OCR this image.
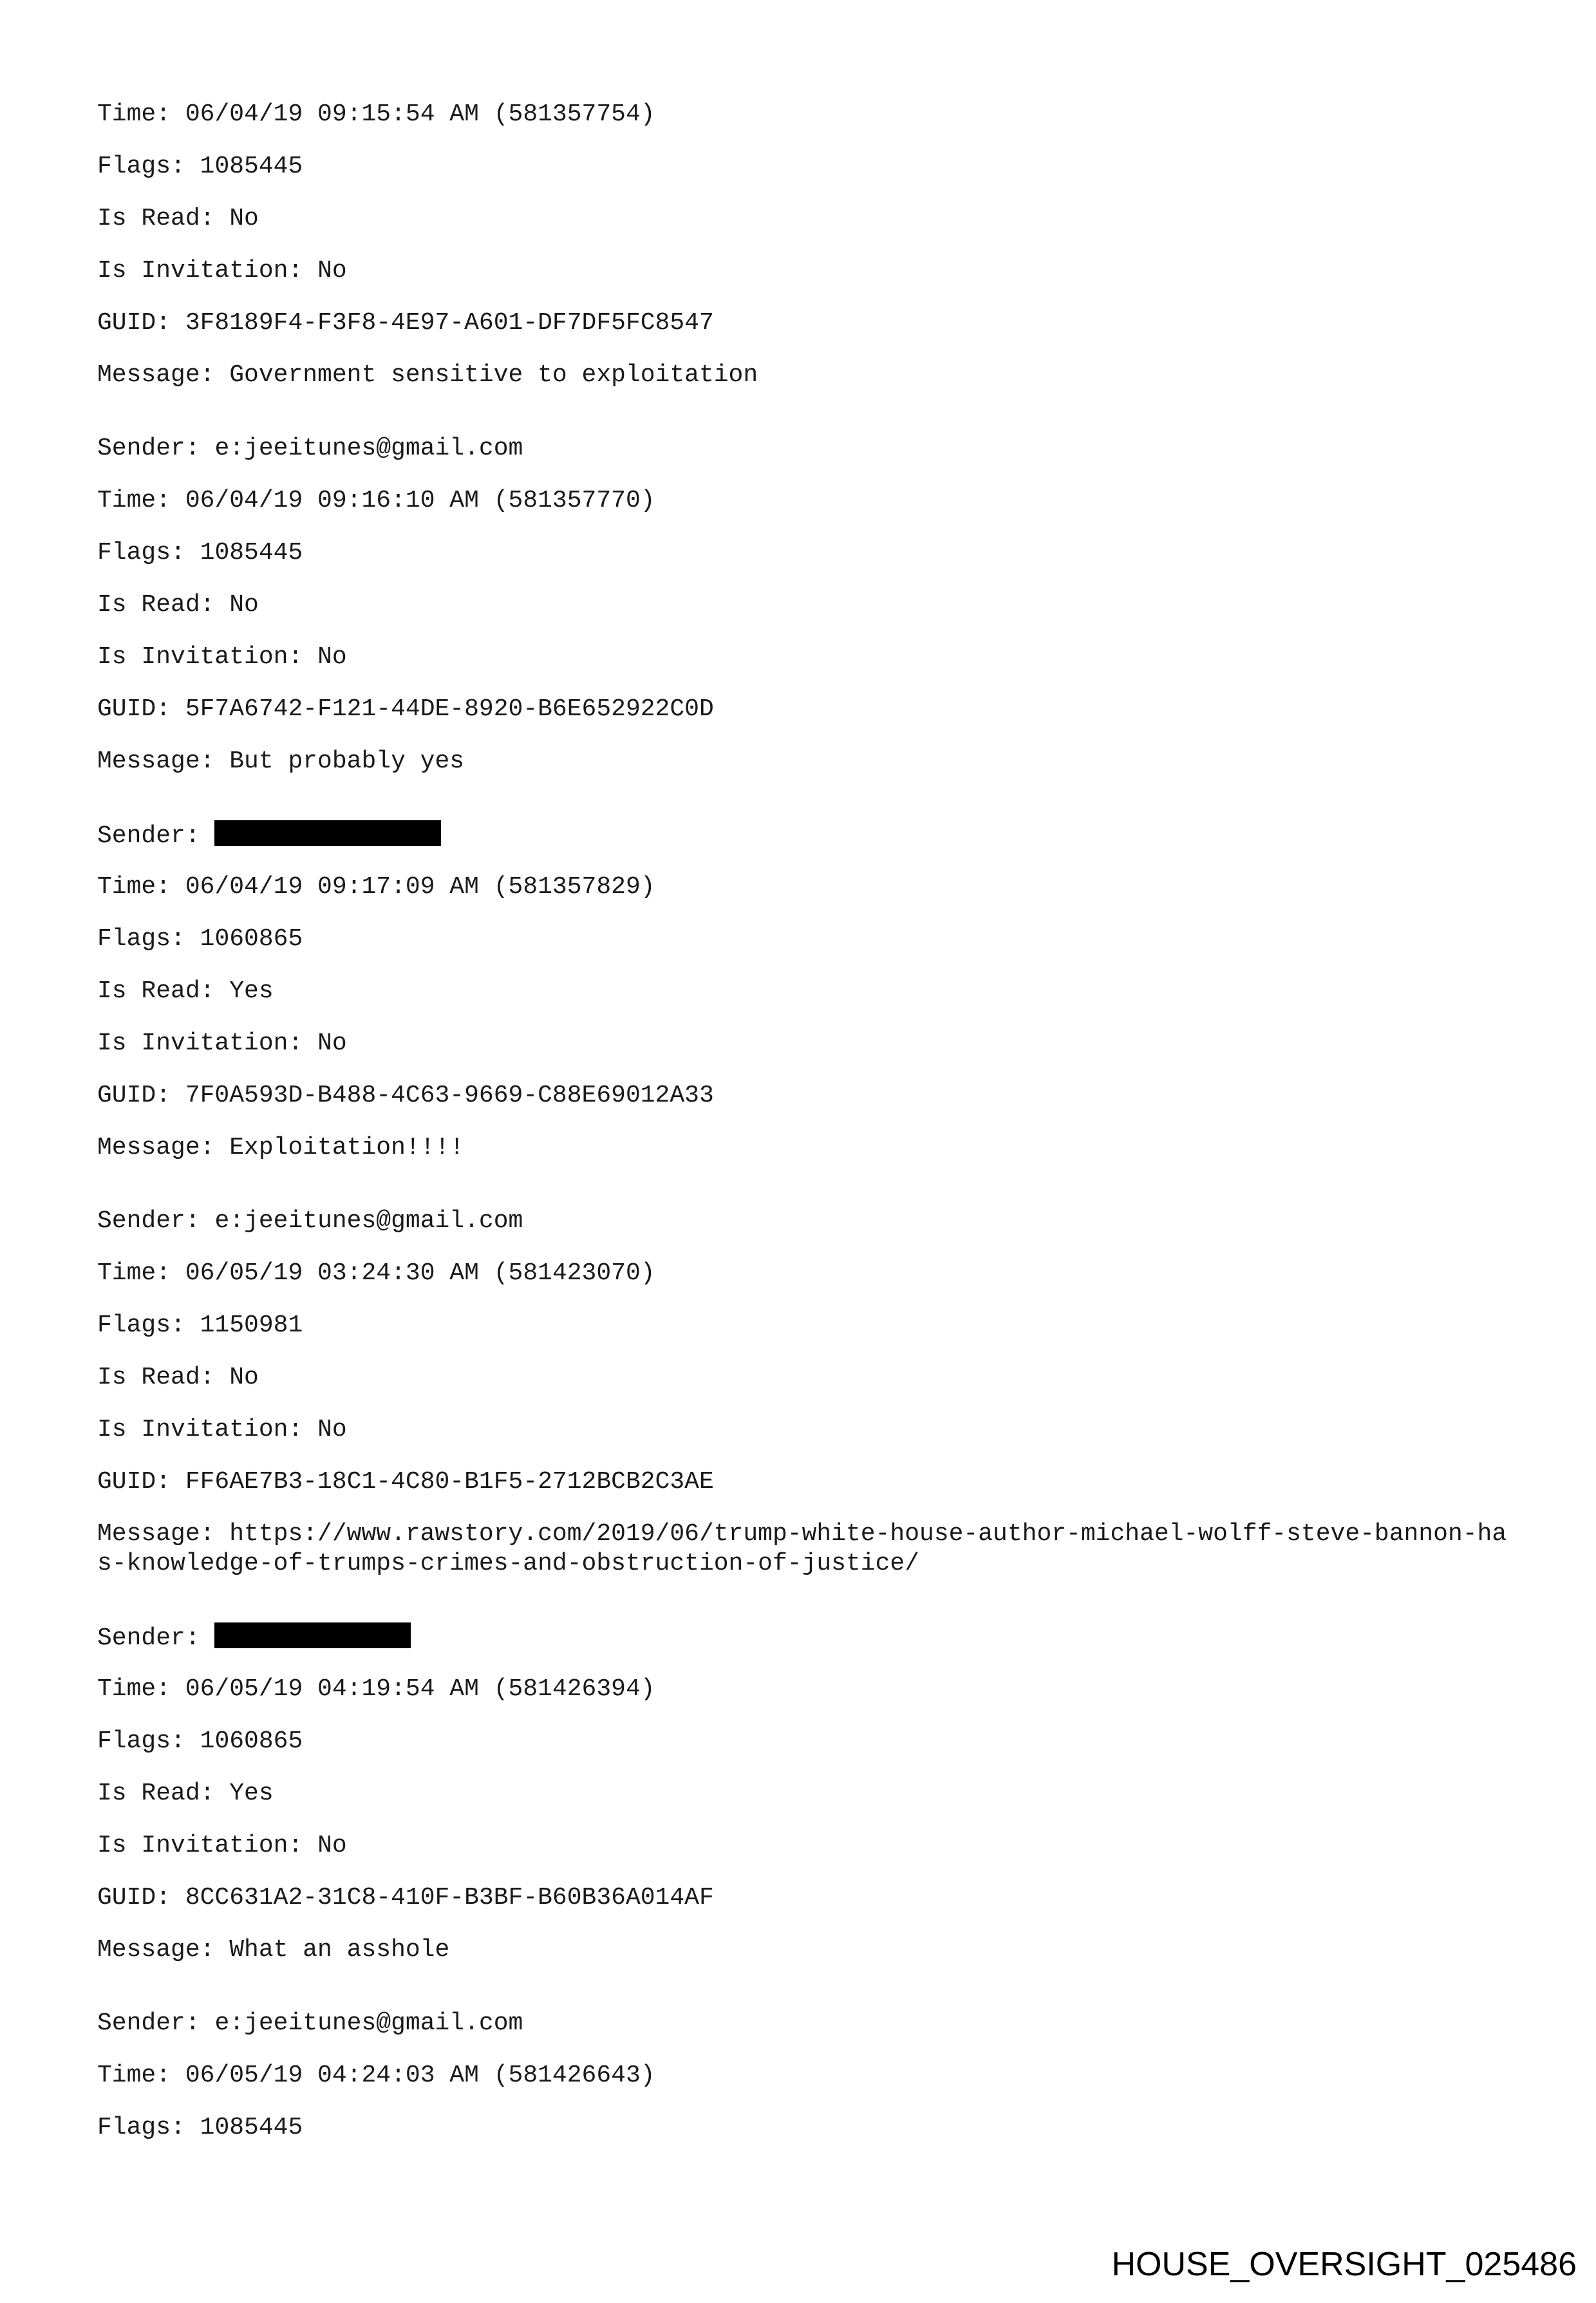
Time: 06/04/19 09:15:54 AM (581357754)
Flags: 1085445
Is Read: No
Is Invitation: No
GUID: 3F8189F4-F3F8-4E97-A601-DF7DF5FC8547
Message: Government sensitive to exploitation
Sender: e:jeeitunes@gmail.com
Time: 06/04/19 09:16:10 AM (581357770)
Flags: 1085445
Is Read: No
Is Invitation: No
GUID: 5F7A6742-F121-44DE-8920-B6E652922C0D
Message: But probably yes
Sender:
Time: 06/04/19 09:17:09 AM (581357829)
Flags: 1060865
Is Read: Yes
Is Invitation: No
GUID: 7F0A593D-B488-4C63-9669-C88E69012A33
Message: Exploitation!!!!
Sender: e:jeeitunes@gmail.com
Time: 06/05/19 03:24:30 AM (581423070)
Flags: 1150981
Is Read: No
Is Invitation: No
GUID: FF6AE7B3-18C1-4C80-B1F5-2712BCB2C3AE
Message: https://www.rawstory.com/2019/06/trump-white-house-author-michael-wolff-steve-bannon-has-knowledge-of-trumps-crimes-and-obstruction-of-justice/
Sender:
Time: 06/05/19 04:19:54 AM (581426394)
Flags: 1060865
Is Read: Yes
Is Invitation: No
GUID: 8CC631A2-31C8-410F-B3BF-B60B36A014AF
Message: What an asshole
Sender: e:jeeitunes@gmail.com
Time: 06/05/19 04:24:03 AM (581426643)
Flags: 1085445
HOUSE_OVERSIGHT_025486
